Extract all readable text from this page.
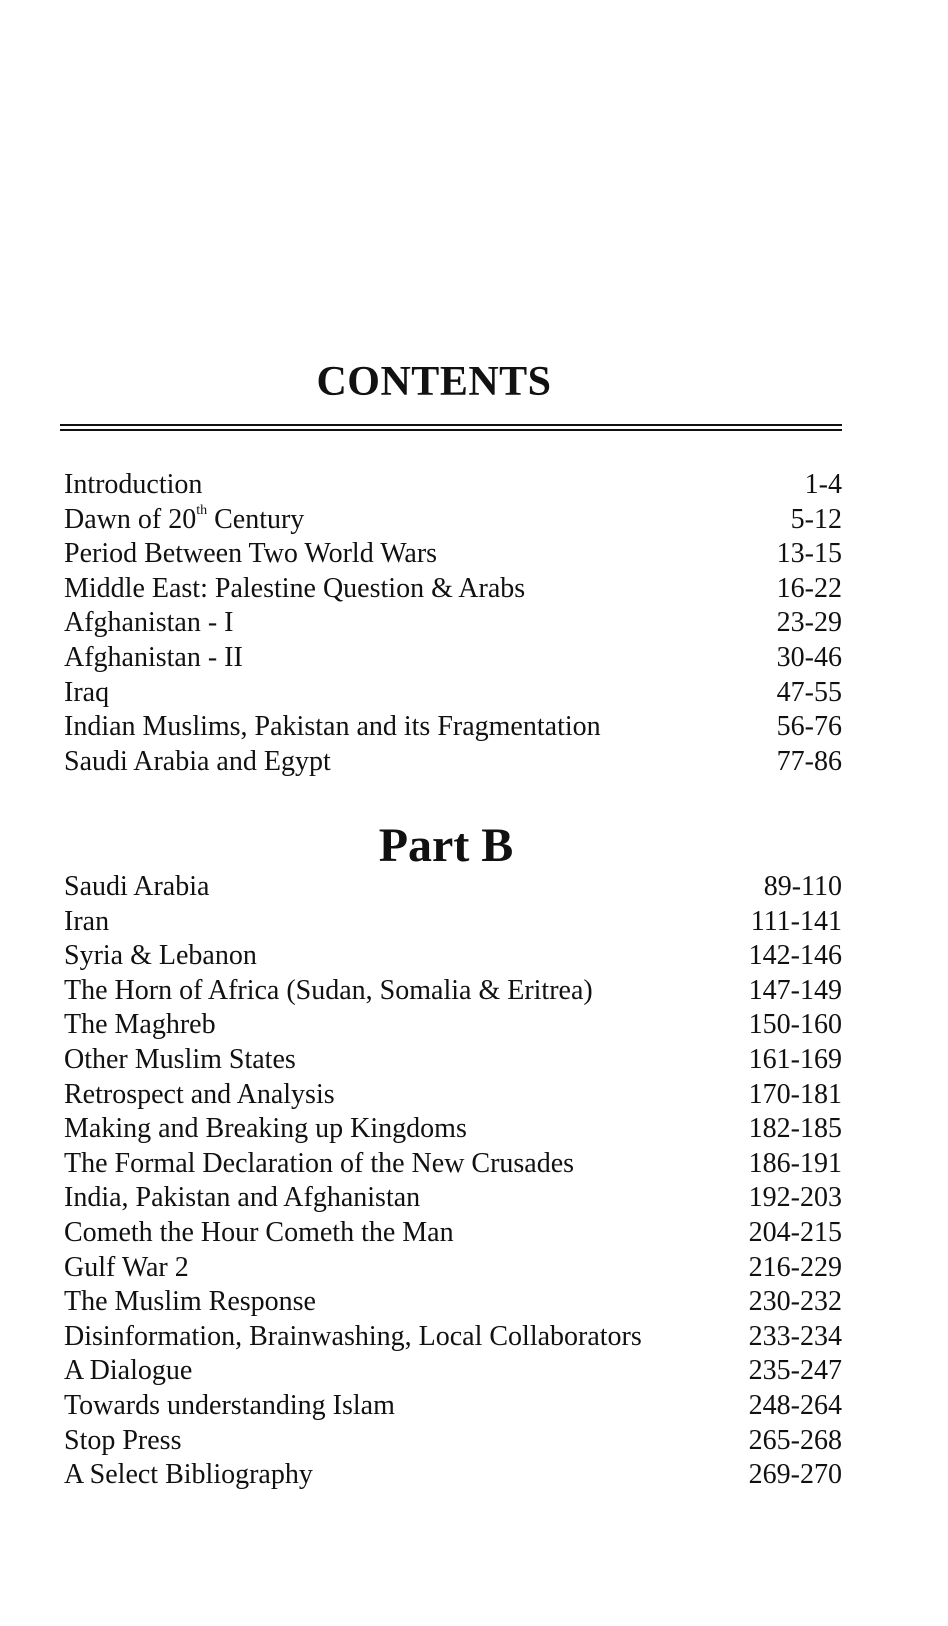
CONTENTS
Introduction	1-4
Dawn of 20th Century	5-12
Period Between Two World Wars	13-15
Middle East: Palestine Question & Arabs	16-22
Afghanistan - I	23-29
Afghanistan - II	30-46
Iraq	47-55
Indian Muslims, Pakistan and its Fragmentation	56-76
Saudi Arabia and Egypt	77-86
Part B
Saudi Arabia	89-110
Iran	111-141
Syria & Lebanon	142-146
The Horn of Africa (Sudan, Somalia & Eritrea)	147-149
The Maghreb	150-160
Other Muslim States	161-169
Retrospect and Analysis	170-181
Making and Breaking up Kingdoms	182-185
The Formal Declaration of the New Crusades	186-191
India, Pakistan and Afghanistan	192-203
Cometh the Hour Cometh the Man	204-215
Gulf War 2	216-229
The Muslim Response	230-232
Disinformation, Brainwashing, Local Collaborators	233-234
A Dialogue	235-247
Towards understanding Islam	248-264
Stop Press	265-268
A Select Bibliography	269-270
